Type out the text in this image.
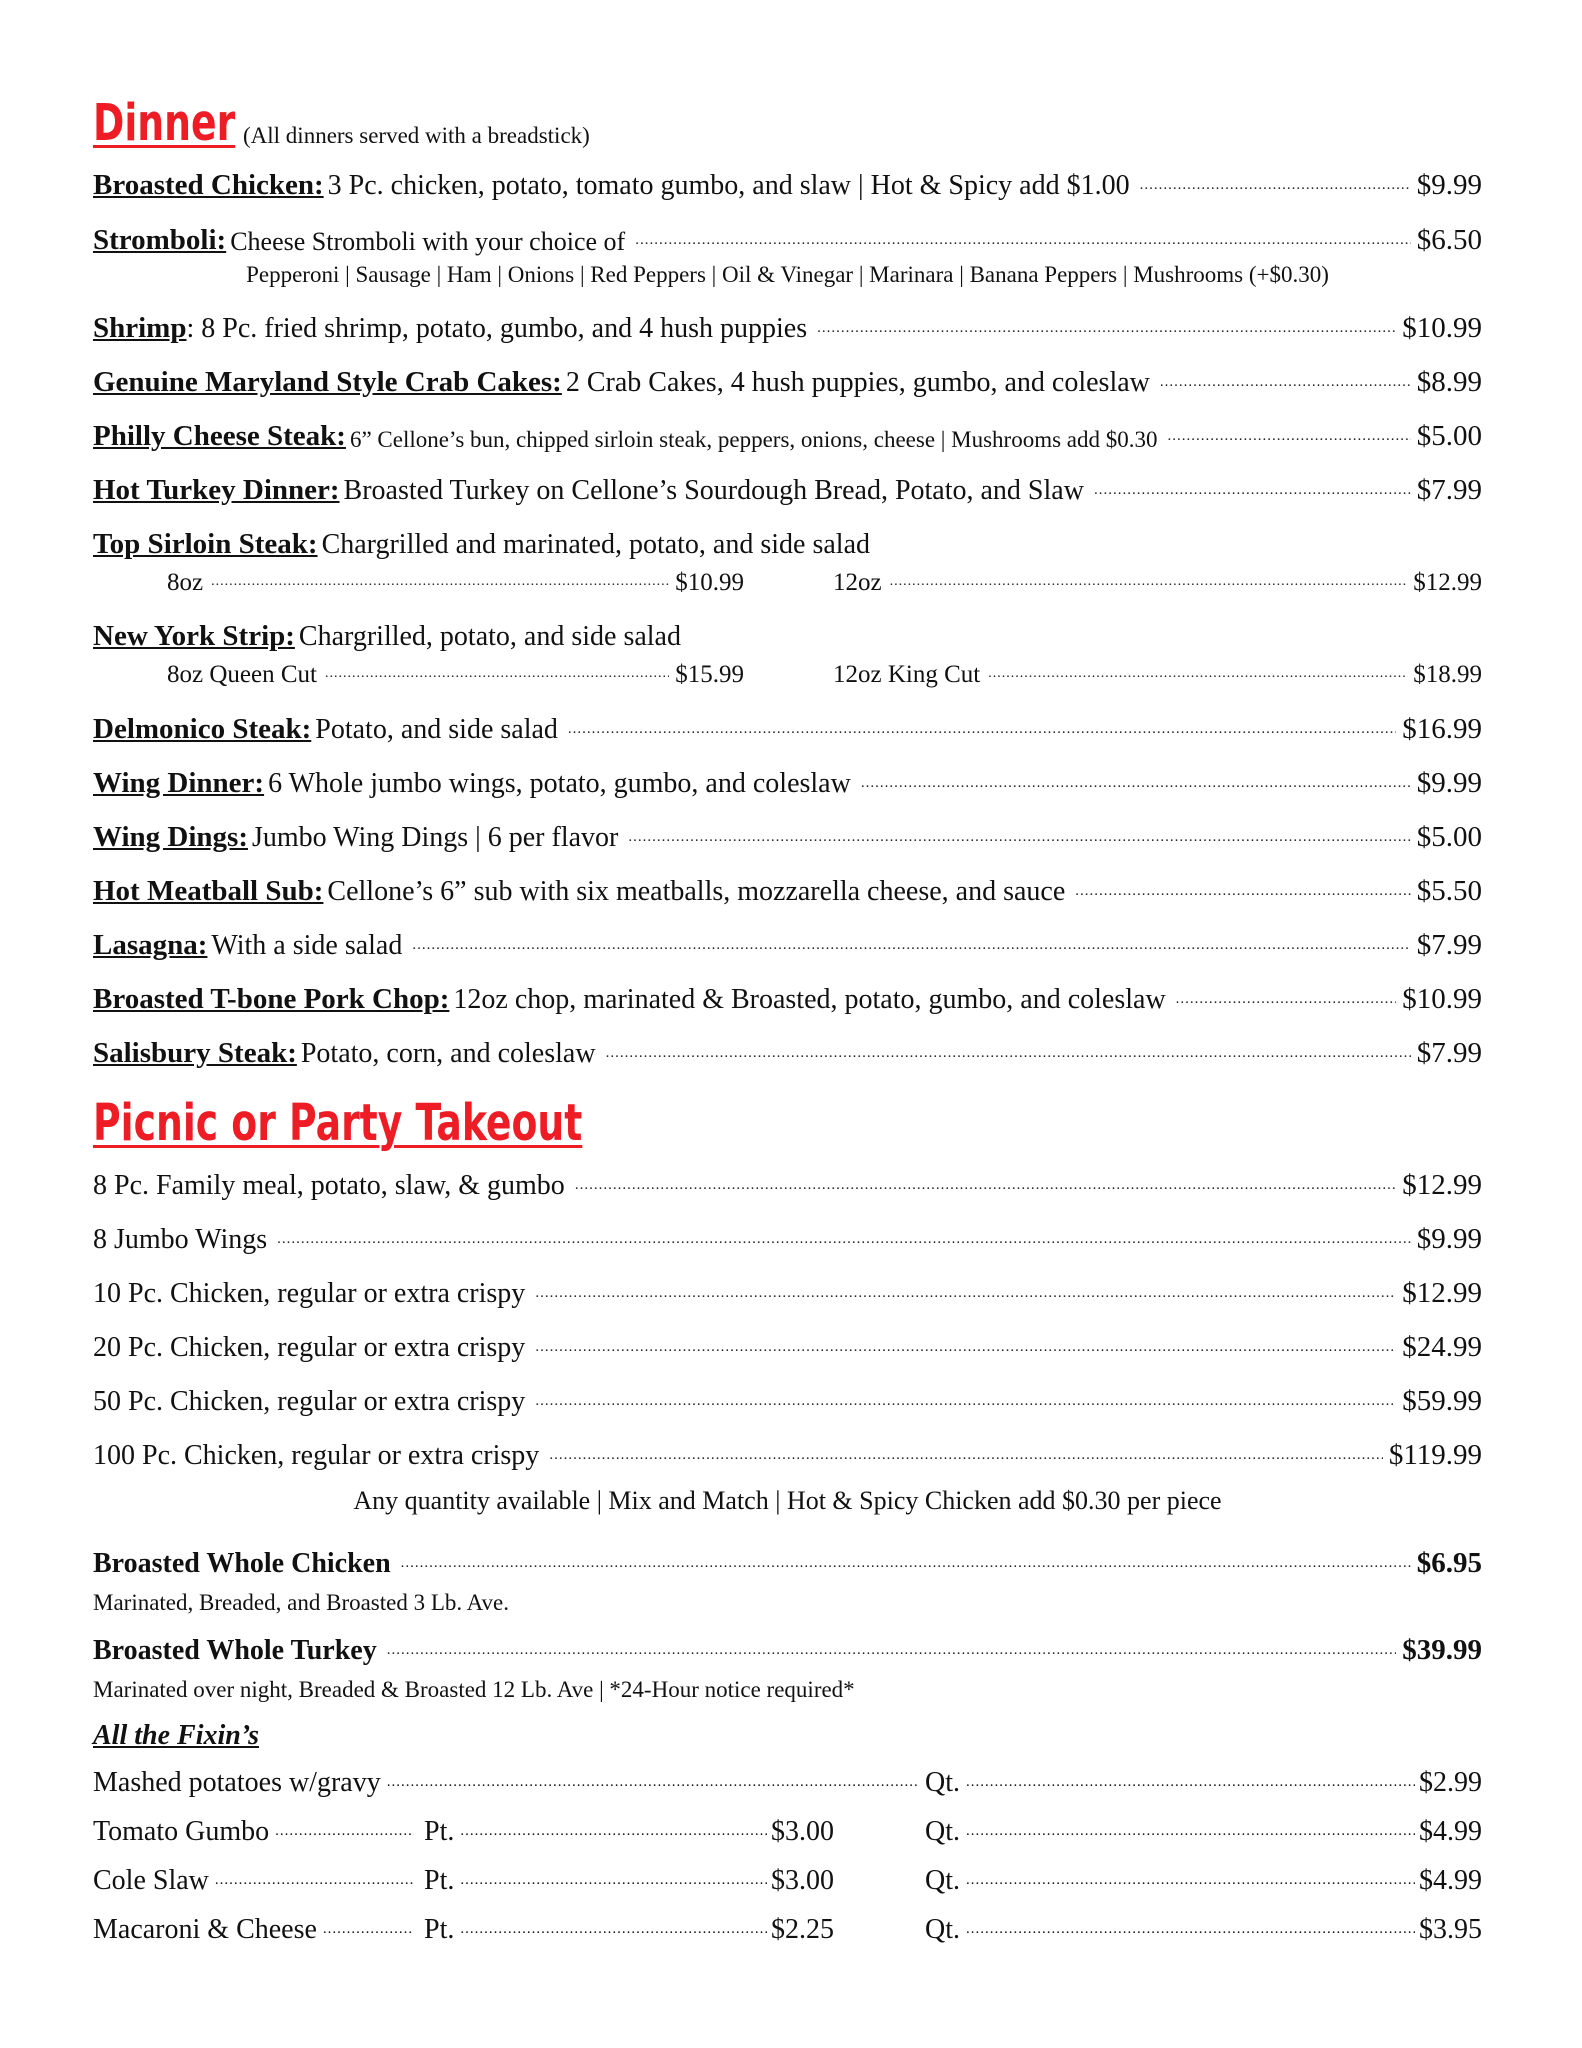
Dinner (All dinners served with a breadstick)
Broasted Chicken:
3 Pc. chicken, potato, tomato gumbo, and slaw | Hot & Spicy add $1.00 .....	$9.99
Stromboli:
Cheese Stromboli with your choice of .....	$6.50
Pepperoni | Sausage | Ham | Onions | Red Peppers | Oil & Vinegar | Marinara | Banana Peppers | Mushrooms (+$0.30)
Shrimp : 8 Pc. fried shrimp, potato, gumbo, and 4 hush puppies .....	$10.99
Genuine Maryland Style Crab Cakes:
2 Crab Cakes, 4 hush puppies, gumbo, and coleslaw .....	$8.99
Philly Cheese Steak:
6” Cellone’s bun, chipped sirloin steak, peppers, onions, cheese | Mushrooms add $0.30 .....	$5.00
Hot Turkey Dinner:
Broasted Turkey on Cellone’s Sourdough Bread, Potato, and Slaw .....	$7.99
Top Sirloin Steak:
Chargrilled and marinated, potato, and side salad
8oz .....	$10.99	12oz .....	$12.99
New York Strip:
Chargrilled, potato, and side salad
8oz Queen Cut .....	$15.99	12oz King Cut .....	$18.99
Delmonico Steak:
Potato, and side salad .....	$16.99
Wing Dinner:
6 Whole jumbo wings, potato, gumbo, and coleslaw .....	$9.99
Wing Dings:
Jumbo Wing Dings | 6 per flavor .....	$5.00
Hot Meatball Sub:
Cellone’s 6” sub with six meatballs, mozzarella cheese, and sauce .....	$5.50
Lasagna:
With a side salad .....	$7.99
Broasted T-bone Pork Chop:
12oz chop, marinated & Broasted, potato, gumbo, and coleslaw .....	$10.99
Salisbury Steak:
Potato, corn, and coleslaw .....	$7.99
Picnic or Party Takeout
8 Pc. Family meal, potato, slaw, & gumbo .....	$12.99
8 Jumbo Wings .....	$9.99
10 Pc. Chicken, regular or extra crispy .....	$12.99
20 Pc. Chicken, regular or extra crispy .....	$24.99
50 Pc. Chicken, regular or extra crispy .....	$59.99
100 Pc. Chicken, regular or extra crispy .....	$119.99
Any quantity available | Mix and Match | Hot & Spicy Chicken add $0.30 per piece
Broasted Whole Chicken .....	$6.95
Marinated, Breaded, and Broasted 3 Lb. Ave.
Broasted Whole Turkey .....	$39.99
Marinated over night, Breaded & Broasted 12 Lb. Ave | *24-Hour notice required*
All the Fixin’s
Mashed potatoes w/gravy .....	Qt. .....	$2.99
Tomato Gumbo .....	Pt. .....	$3.00	Qt. .....	$4.99
Cole Slaw .....	Pt. .....	$3.00	Qt. .....	$4.99
Macaroni & Cheese .....	Pt. .....	$2.25	Qt. .....	$3.95
